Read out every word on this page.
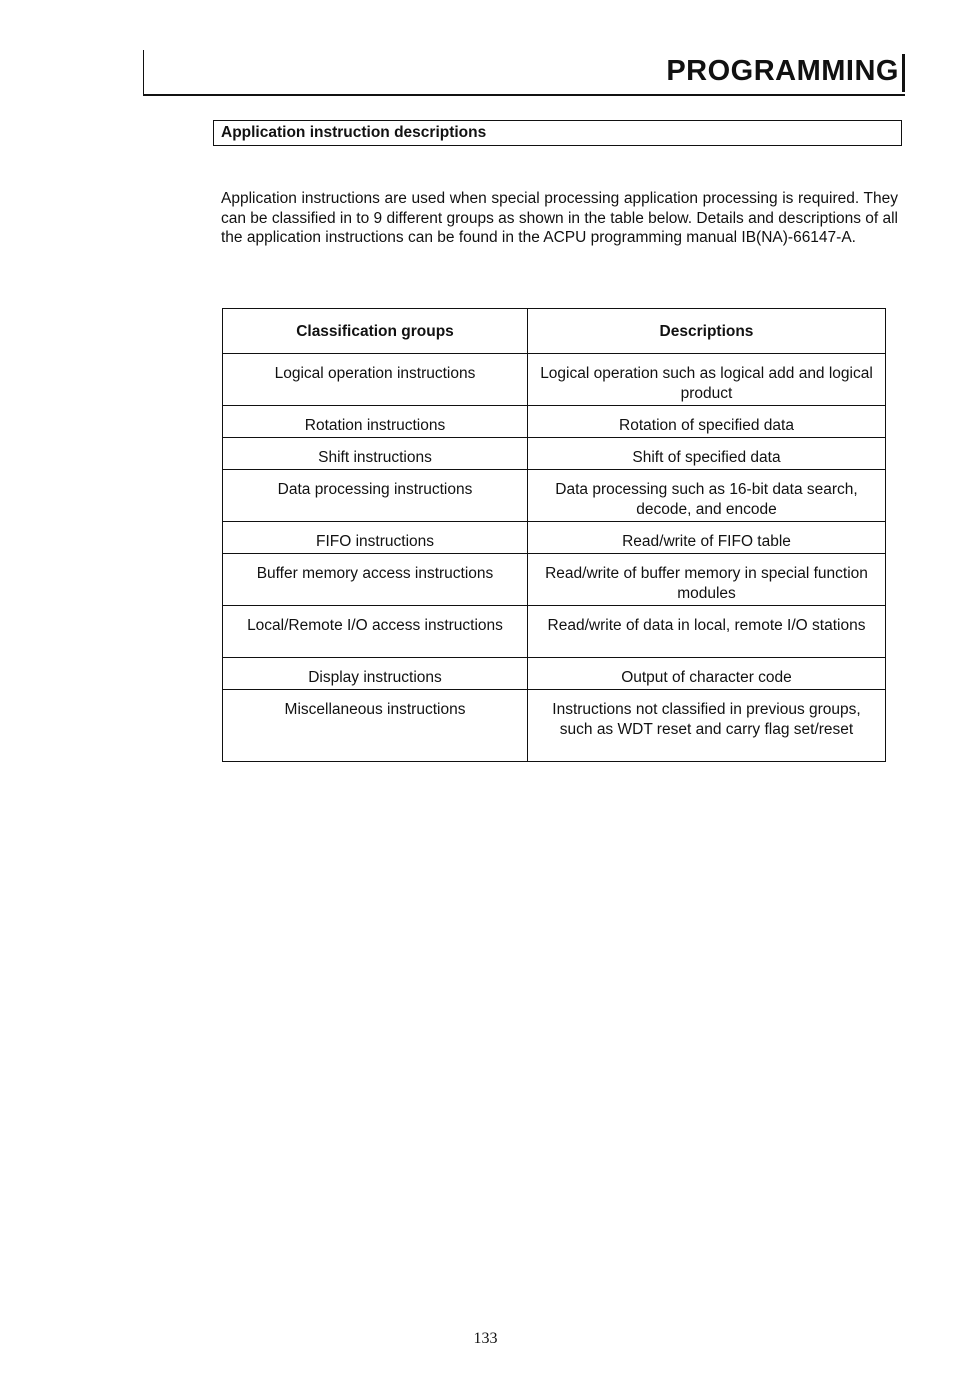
PROGRAMMING
Application instruction descriptions

Application instructions are used when special processing application processing is required. They can be classified in to 9 different groups as shown in the table below. Details and descriptions of all the application instructions can be found in the ACPU programming manual IB(NA)-66147-A.

Classification groups	Descriptions
Logical operation instructions	Logical operation such as logical add and logical product
Rotation instructions	Rotation of specified data
Shift instructions	Shift of specified data
Data processing instructions	Data processing such as 16-bit data search, decode, and encode
FIFO instructions	Read/write of FIFO table
Buffer memory access instructions	Read/write of buffer memory in special function modules
Local/Remote I/O access instructions	Read/write of data in local, remote I/O stations
Display instructions	Output of character code
Miscellaneous instructions	Instructions not classified in previous groups, such as WDT reset and carry flag set/reset
133
